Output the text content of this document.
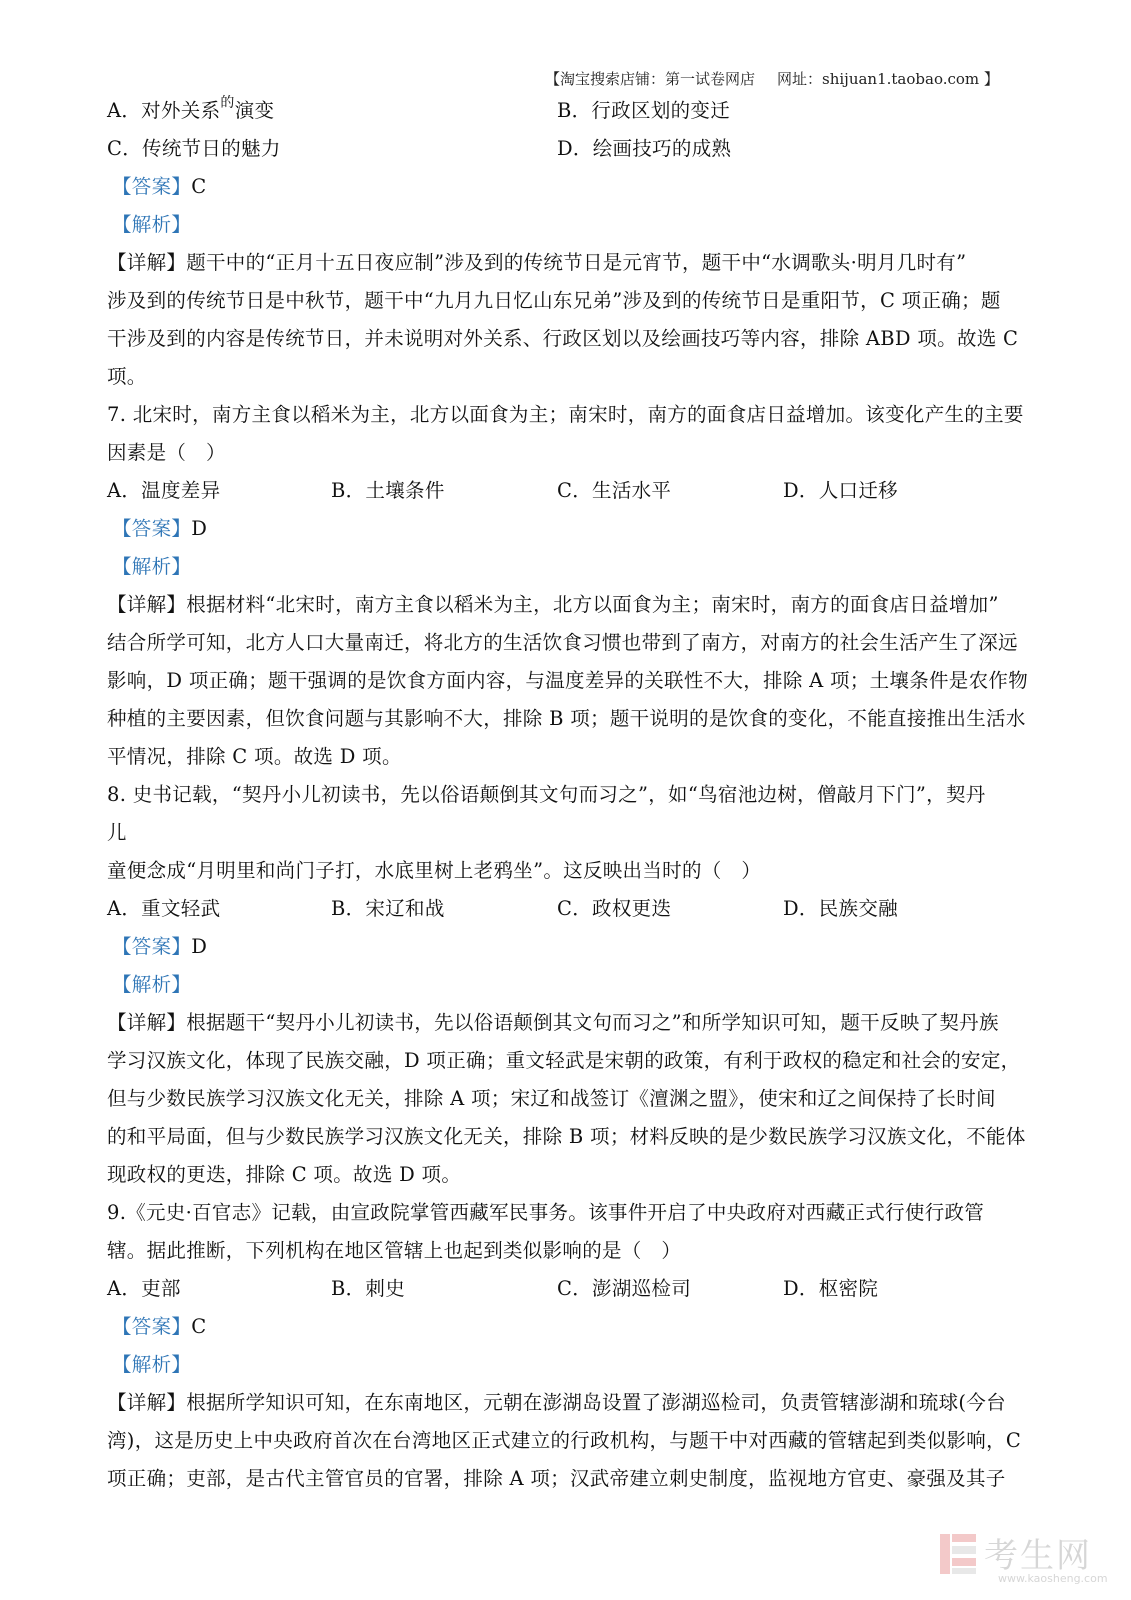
【淘宝搜索店铺：第一试卷网店 网址：shijuan1.taobao.com 】
A．对外关系$^的$演变	B．行政区划的变迁
C．传统节日的魅力	D．绘画技巧的成熟
【答案】C
【解析】
【详解】题干中的“正月十五日夜应制”涉及到的传统节日是元宵节，题干中“水调歌头·明月几时有”
涉及到的传统节日是中秋节，题干中“九月九日忆山东兄弟”涉及到的传统节日是重阳节，C 项正确；题
干涉及到的内容是传统节日，并未说明对外关系、行政区划以及绘画技巧等内容，排除 ABD 项。故选 C
项。
7. 北宋时，南方主食以稻米为主，北方以面食为主；南宋时，南方的面食店日益增加。该变化产生的主要
因素是（　）
A．温度差异	B．土壤条件	C．生活水平	D．人口迁移
【答案】D
【解析】
【详解】根据材料“北宋时，南方主食以稻米为主，北方以面食为主；南宋时，南方的面食店日益增加”
结合所学可知，北方人口大量南迁，将北方的生活饮食习惯也带到了南方，对南方的社会生活产生了深远
影响，D 项正确；题干强调的是饮食方面内容，与温度差异的关联性不大，排除 A 项；土壤条件是农作物
种植的主要因素，但饮食问题与其影响不大，排除 B 项；题干说明的是饮食的变化，不能直接推出生活水
平情况，排除 C 项。故选 D 项。
8. 史书记载，“契丹小儿初读书，先以俗语颠倒其文句而习之”，如“鸟宿池边树，僧敲月下门”，契丹
儿
童便念成“月明里和尚门子打，水底里树上老鸦坐”。这反映出当时的（　）
A．重文轻武	B．宋辽和战	C．政权更迭	D．民族交融
【答案】D
【解析】
【详解】根据题干“契丹小儿初读书，先以俗语颠倒其文句而习之”和所学知识可知，题干反映了契丹族
学习汉族文化，体现了民族交融，D 项正确；重文轻武是宋朝的政策，有利于政权的稳定和社会的安定，
但与少数民族学习汉族文化无关，排除 A 项；宋辽和战签订《澶渊之盟》，使宋和辽之间保持了长时间
的和平局面，但与少数民族学习汉族文化无关，排除 B 项；材料反映的是少数民族学习汉族文化，不能体
现政权的更迭，排除 C 项。故选 D 项。
9.《元史·百官志》记载，由宣政院掌管西藏军民事务。该事件开启了中央政府对西藏正式行使行政管
辖。据此推断，下列机构在地区管辖上也起到类似影响的是（　）
A．吏部	B．刺史	C．澎湖巡检司	D．枢密院
【答案】C
【解析】
【详解】根据所学知识可知，在东南地区，元朝在澎湖岛设置了澎湖巡检司，负责管辖澎湖和琉球(今台
湾)，这是历史上中央政府首次在台湾地区正式建立的行政机构，与题干中对西藏的管辖起到类似影响，C
项正确；吏部，是古代主管官员的官署，排除 A 项；汉武帝建立刺史制度，监视地方官吏、豪强及其子
考生网
www.kaosheng.com
